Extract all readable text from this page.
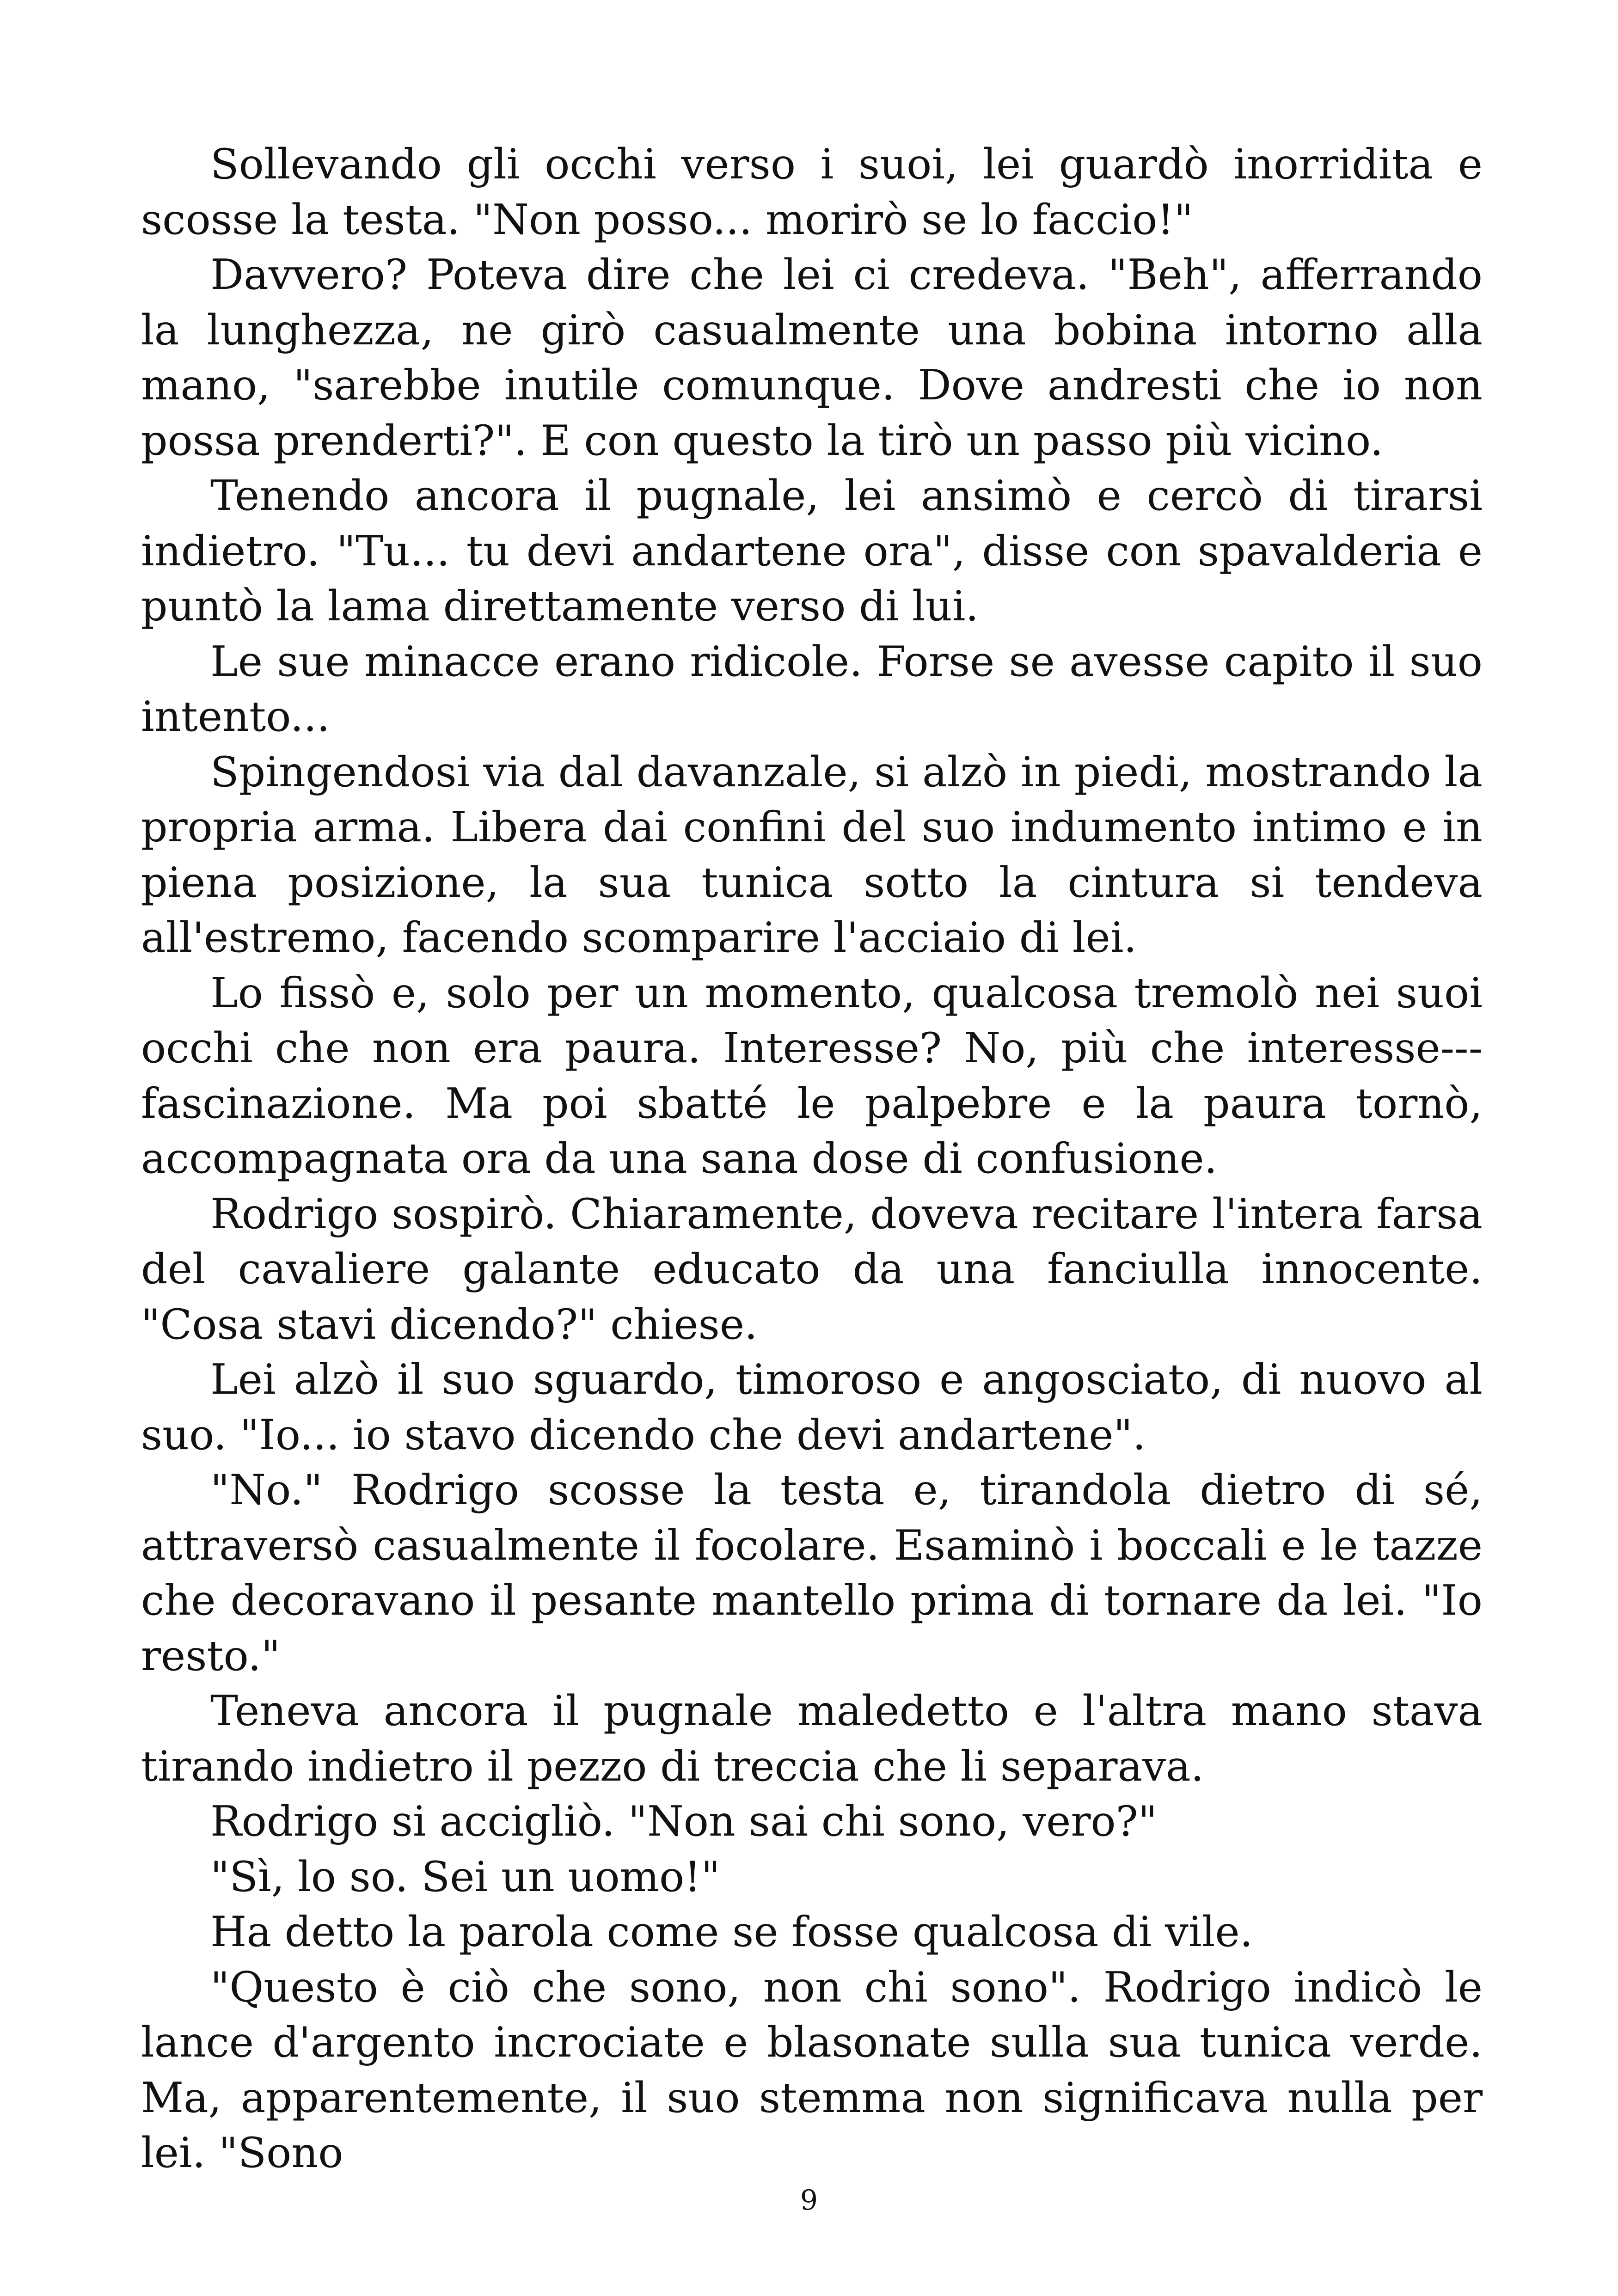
Sollevando gli occhi verso i suoi, lei guardò inorridita e scosse la testa. "Non posso... morirò se lo faccio!"

Davvero? Poteva dire che lei ci credeva. "Beh", afferrando la lunghezza, ne girò casualmente una bobina intorno alla mano, "sarebbe inutile comunque. Dove andresti che io non possa prenderti?". E con questo la tirò un passo più vicino.

Tenendo ancora il pugnale, lei ansimò e cercò di tirarsi indietro. "Tu... tu devi andartene ora", disse con spavalderia e puntò la lama direttamente verso di lui.

Le sue minacce erano ridicole. Forse se avesse capito il suo intento...

Spingendosi via dal davanzale, si alzò in piedi, mostrando la propria arma. Libera dai confini del suo indumento intimo e in piena posizione, la sua tunica sotto la cintura si tendeva all'estremo, facendo scomparire l'acciaio di lei.

Lo fissò e, solo per un momento, qualcosa tremolò nei suoi occhi che non era paura. Interesse? No, più che interesse---fascinazione. Ma poi sbatté le palpebre e la paura tornò, accompagnata ora da una sana dose di confusione.

Rodrigo sospirò. Chiaramente, doveva recitare l'intera farsa del cavaliere galante educato da una fanciulla innocente. "Cosa stavi dicendo?" chiese.

Lei alzò il suo sguardo, timoroso e angosciato, di nuovo al suo. "Io... io stavo dicendo che devi andartene".

"No." Rodrigo scosse la testa e, tirandola dietro di sé, attraversò casualmente il focolare. Esaminò i boccali e le tazze che decoravano il pesante mantello prima di tornare da lei. "Io resto."

Teneva ancora il pugnale maledetto e l'altra mano stava tirando indietro il pezzo di treccia che li separava.

Rodrigo si accigliò. "Non sai chi sono, vero?"

"Sì, lo so. Sei un uomo!"

Ha detto la parola come se fosse qualcosa di vile.

"Questo è ciò che sono, non chi sono". Rodrigo indicò le lance d'argento incrociate e blasonate sulla sua tunica verde. Ma, apparentemente, il suo stemma non significava nulla per lei. "Sono

9
